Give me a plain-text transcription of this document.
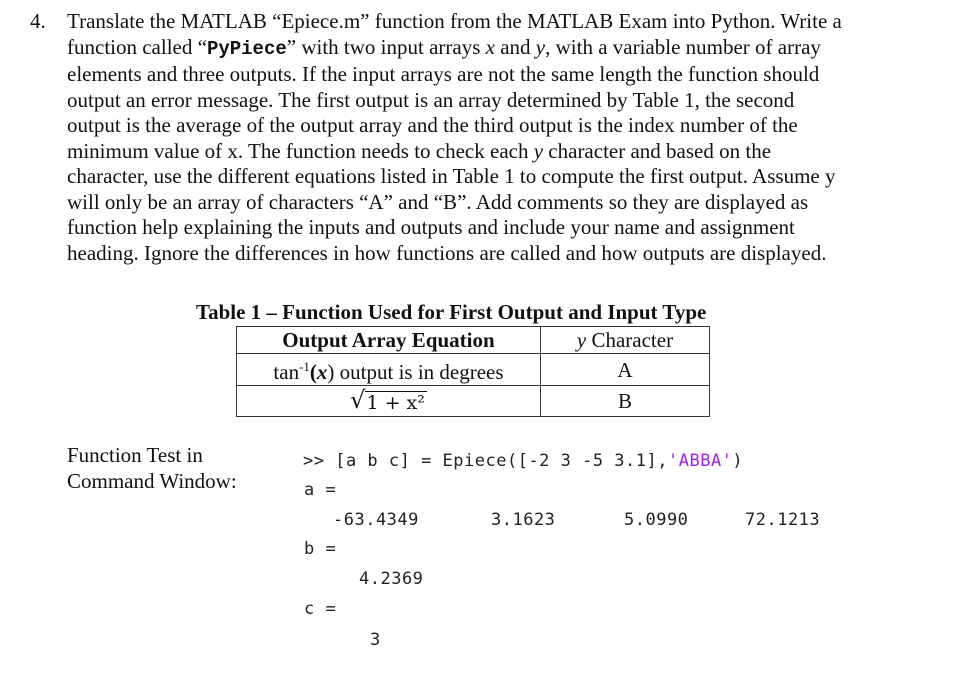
4. Translate the MATLAB “Epiece.m” function from the MATLAB Exam into Python. Write a
function called “PyPiece” with two input arrays x and y, with a variable number of array
elements and three outputs. If the input arrays are not the same length the function should
output an error message. The first output is an array determined by Table 1, the second
output is the average of the output array and the third output is the index number of the
minimum value of x. The function needs to check each y character and based on the
character, use the different equations listed in Table 1 to compute the first output. Assume y
will only be an array of characters “A” and “B”. Add comments so they are displayed as
function help explaining the inputs and outputs and include your name and assignment
heading. Ignore the differences in how functions are called and how outputs are displayed.
Table 1 – Function Used for First Output and Input Type
Output Array Equation	y Character
$\tan^{-1}(x)$ output is in degrees	A

√ 1 + x²	B
Function Test in
Command Window:
>> [a b c] = Epiece([-2 3 -5 3.1],'ABBA')
a =
-63.4349	3.1623	5.0990	72.1213
b =
4.2369
c =
3
